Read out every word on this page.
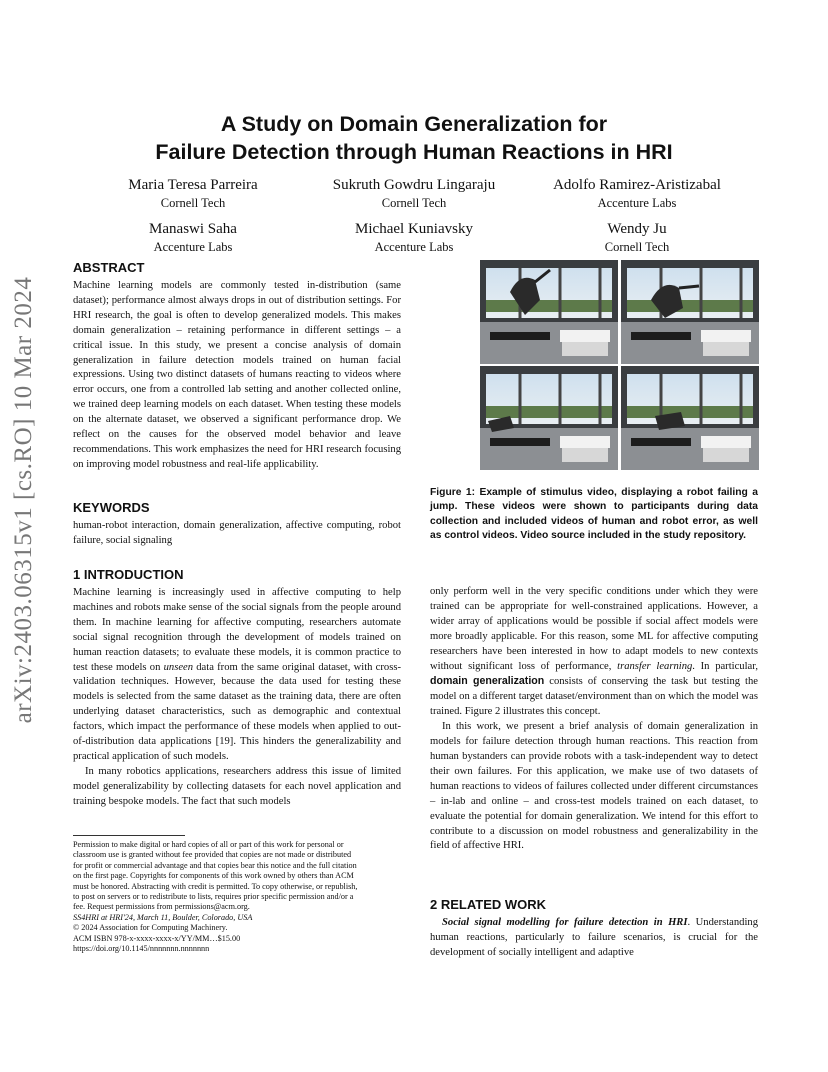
arXiv:2403.06315v1 [cs.RO] 10 Mar 2024
A Study on Domain Generalization for
Failure Detection through Human Reactions in HRI
Maria Teresa Parreira
Cornell Tech
Sukruth Gowdru Lingaraju
Cornell Tech
Adolfo Ramirez-Aristizabal
Accenture Labs
Manaswi Saha
Accenture Labs
Michael Kuniavsky
Accenture Labs
Wendy Ju
Cornell Tech
ABSTRACT
Machine learning models are commonly tested in-distribution (same dataset); performance almost always drops in out of distribution settings. For HRI research, the goal is often to develop generalized models. This makes domain generalization – retaining performance in different settings – a critical issue. In this study, we present a concise analysis of domain generalization in failure detection models trained on human facial expressions. Using two distinct datasets of humans reacting to videos where error occurs, one from a controlled lab setting and another collected online, we trained deep learning models on each dataset. When testing these models on the alternate dataset, we observed a significant performance drop. We reflect on the causes for the observed model behavior and leave recommendations. This work emphasizes the need for HRI research focusing on improving model robustness and real-life applicability.
KEYWORDS
human-robot interaction, domain generalization, affective computing, robot failure, social signaling
1 INTRODUCTION

Machine learning is increasingly used in affective computing to help machines and robots make sense of the social signals from the people around them. In machine learning for affective computing, researchers automate social signal recognition through the development of models trained on human reaction datasets; to evaluate these models, it is common practice to test these models on unseen data from the same original dataset, with cross-validation techniques. However, because the data used for testing these models is selected from the same dataset as the training data, there are often underlying dataset characteristics, such as demographic and contextual factors, which impact the performance of these models when applied to out-of-distribution data applications [19]. This hinders the generalizability and practical application of such models.

In many robotics applications, researchers address this issue of limited model generalizability by collecting datasets for each novel application and training bespoke models. The fact that such models

Permission to make digital or hard copies of all or part of this work for personal or
classroom use is granted without fee provided that copies are not made or distributed
for profit or commercial advantage and that copies bear this notice and the full citation
on the first page. Copyrights for components of this work owned by others than ACM
must be honored. Abstracting with credit is permitted. To copy otherwise, or republish,
to post on servers or to redistribute to lists, requires prior specific permission and/or a
fee. Request permissions from permissions@acm.org.
SS4HRI at HRI'24, March 11, Boulder, Colorado, USA
© 2024 Association for Computing Machinery.
ACM ISBN 978-x-xxxx-xxxx-x/YY/MM…$15.00
https://doi.org/10.1145/nnnnnnn.nnnnnnn
Figure 1: Example of stimulus video, displaying a robot failing a jump. These videos were shown to participants during data collection and included videos of human and robot error, as well as control videos. Video source included in the study repository.

only perform well in the very specific conditions under which they were trained can be appropriate for well-constrained applications. However, a wider array of applications would be possible if social affect models were more broadly applicable. For this reason, some ML for affective computing researchers have been interested in how to adapt models to new contexts without significant loss of performance, transfer learning. In particular, domain generalization consists of conserving the task but testing the model on a different target dataset/environment than on which the model was trained. Figure 2 illustrates this concept.

In this work, we present a brief analysis of domain generalization in models for failure detection through human reactions. This reaction from human bystanders can provide robots with a task-independent way to detect their own failures. For this application, we make use of two datasets of human reactions to videos of failures collected under different circumstances – in-lab and online – and cross-test models trained on each dataset, to evaluate the potential for domain generalization. We intend for this effort to contribute to a discussion on model robustness and generalizability in the field of affective HRI.

2 RELATED WORK

Social signal modelling for failure detection in HRI. Understanding human reactions, particularly to failure scenarios, is crucial for the development of socially intelligent and adaptive
